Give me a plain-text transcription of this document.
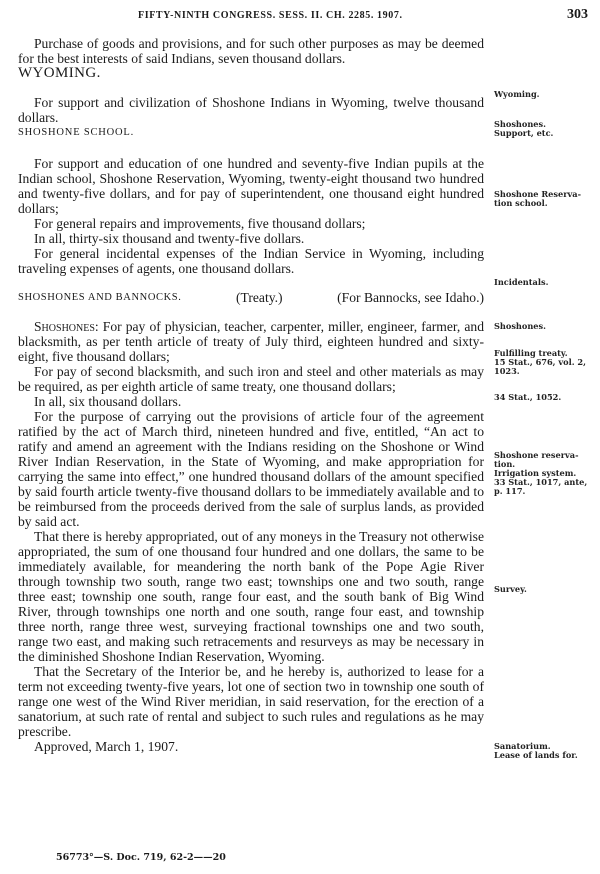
FIFTY-NINTH CONGRESS. SESS. II. CH. 2285. 1907.	303

Purchase of goods and provisions, and for such other purposes as may be deemed for the best interests of said Indians, seven thousand dollars.

WYOMING.

For support and civilization of Shoshone Indians in Wyoming, twelve thousand dollars.

SHOSHONE SCHOOL.

For support and education of one hundred and seventy-five Indian pupils at the Indian school, Shoshone Reservation, Wyoming, twenty-eight thousand two hundred and twenty-five dollars, and for pay of superintendent, one thousand eight hundred dollars;

For general repairs and improvements, five thousand dollars;

In all, thirty-six thousand and twenty-five dollars.

For general incidental expenses of the Indian Service in Wyoming, including traveling expenses of agents, one thousand dollars.

SHOSHONES AND BANNOCKS.	(Treaty.)	(For Bannocks, see Idaho.)

Shoshones: For pay of physician, teacher, carpenter, miller, engineer, farmer, and blacksmith, as per tenth article of treaty of July third, eighteen hundred and sixty-eight, five thousand dollars;

For pay of second blacksmith, and such iron and steel and other materials as may be required, as per eighth article of same treaty, one thousand dollars;

In all, six thousand dollars.

For the purpose of carrying out the provisions of article four of the agreement ratified by the act of March third, nineteen hundred and five, entitled, “An act to ratify and amend an agreement with the Indians residing on the Shoshone or Wind River Indian Reservation, in the State of Wyoming, and make appropriation for carrying the same into effect,” one hundred thousand dollars of the amount specified by said fourth article twenty-five thousand dollars to be immediately available and to be reimbursed from the proceeds derived from the sale of surplus lands, as provided by said act.

That there is hereby appropriated, out of any moneys in the Treasury not otherwise appropriated, the sum of one thousand four hundred and one dollars, the same to be immediately available, for meandering the north bank of the Pope Agie River through township two south, range two east; townships one and two south, range three east; township one south, range four east, and the south bank of Big Wind River, through townships one north and one south, range four east, and township three north, range three west, surveying fractional townships one and two south, range two east, and making such retracements and resurveys as may be necessary in the diminished Shoshone Indian Reservation, Wyoming.

That the Secretary of the Interior be, and he hereby is, authorized to lease for a term not exceeding twenty-five years, lot one of section two in township one south of range one west of the Wind River meridian, in said reservation, for the erection of a sanatorium, at such rate of rental and subject to such rules and regulations as he may prescribe.

Approved, March 1, 1907.

Wyoming.
Shoshones.
Support, etc.
Shoshone Reserva-
tion school.
Incidentals.
Shoshones.
Fulfilling treaty.
15 Stat., 676, vol. 2,
1023.
34 Stat., 1052.
Shoshone reserva-
tion.
Irrigation system.
33 Stat., 1017, ante,
p. 117.
Survey.
Sanatorium.
Lease of lands for.
56773°—S. Doc. 719, 62-2——20
